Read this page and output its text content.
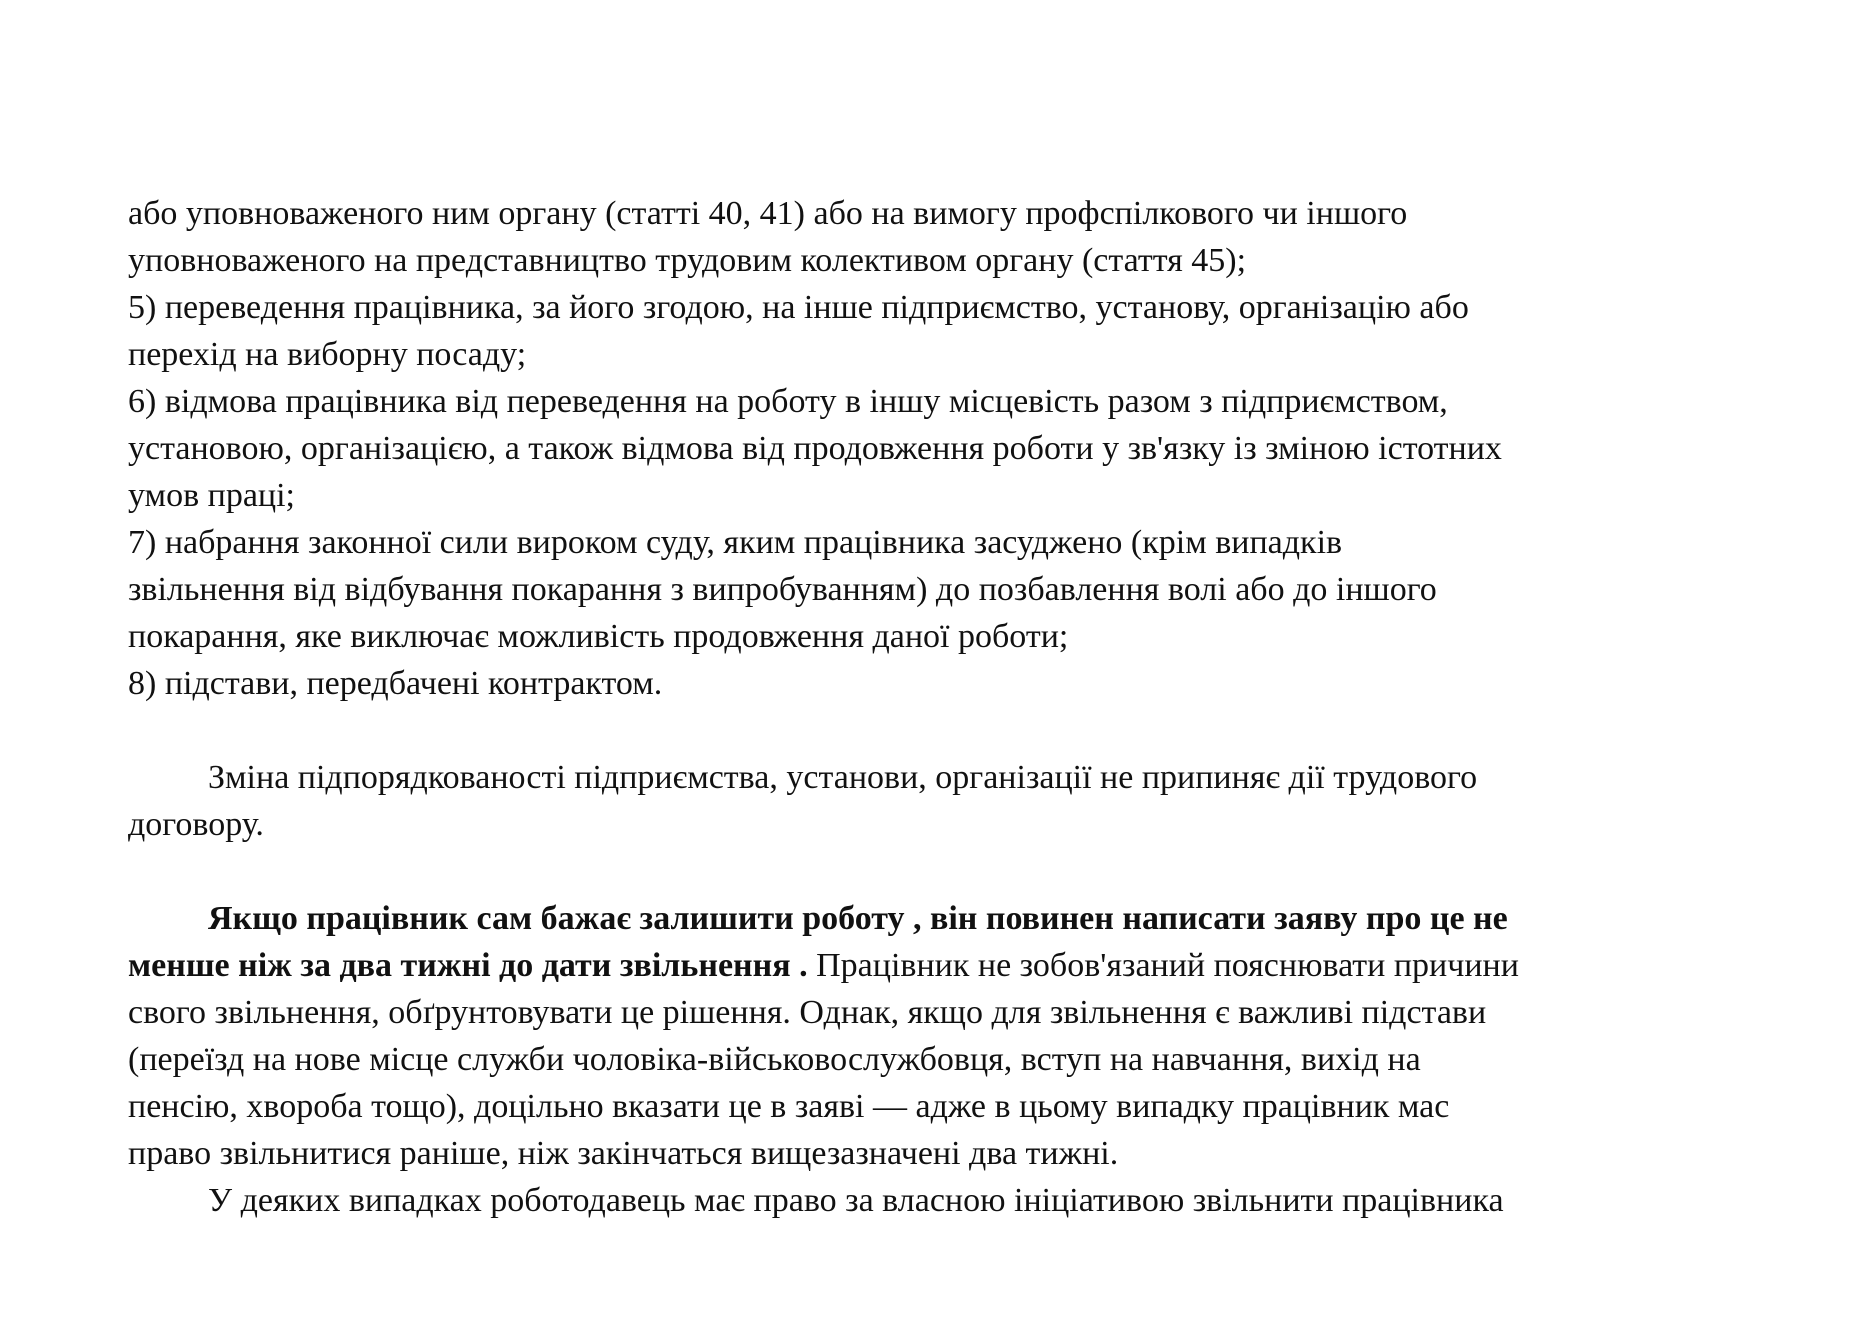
або уповноваженого ним органу (статті 40, 41) або на вимогу профспілкового чи іншого
уповноваженого на представництво трудовим колективом органу (стаття 45);
5) переведення працівника, за його згодою, на інше підприємство, установу, організацію або
перехід на виборну посаду;
6) відмова працівника від переведення на роботу в іншу місцевість разом з підприємством,
установою, організацією, а також відмова від продовження роботи у зв'язку із зміною істотних
умов праці;
7) набрання законної сили вироком суду, яким працівника засуджено (крім випадків
звільнення від відбування покарання з випробуванням) до позбавлення волі або до іншого
покарання, яке виключає можливість продовження даної роботи;
8) підстави, передбачені контрактом.
Зміна підпорядкованості підприємства, установи, організації не припиняє дії трудового
договору.
Якщо працівник сам бажає залишити роботу , він повинен написати заяву про це не
менше ніж за два тижні до дати звільнення . Працівник не зобов'язаний пояснювати причини
свого звільнення, обґрунтовувати це рішення. Однак, якщо для звільнення є важливі підстави
(переїзд на нове місце служби чоловіка-військовослужбовця, вступ на навчання, вихід на
пенсію, хвороба тощо), доцільно вказати це в заяві — адже в цьому випадку працівник мас
право звільнитися раніше, ніж закінчаться вищезазначені два тижні.
У деяких випадках роботодавець має право за власною ініціативою звільнити працівника
